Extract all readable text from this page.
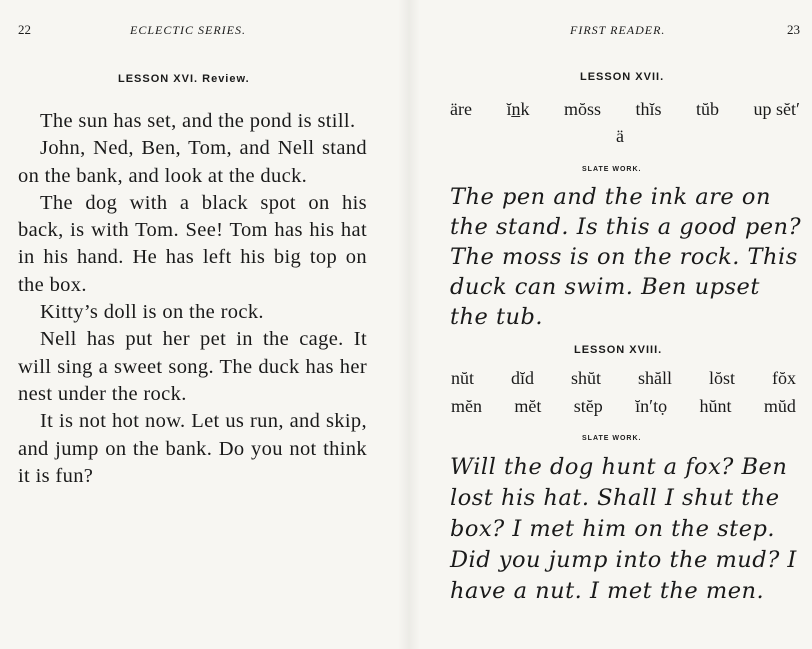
22	ECLECTIC SERIES.
LESSON XVI. Review.

The sun has set, and the pond is still.

John, Ned, Ben, Tom, and Nell stand on the bank, and look at the duck.

The dog with a black spot on his back, is with Tom. See! Tom has his hat in his hand. He has left his big top on the box.

Kitty’s doll is on the rock.

Nell has put her pet in the cage. It will sing a sweet song. The duck has her nest under the rock.

It is not hot now. Let us run, and skip, and jump on the bank. Do you not think it is fun?

23
FIRST READER.
LESSON XVII.
äre ĭn̲k mŏss thĭs tŭb up sĕt′
ä
SLATE WORK.
The pen and the ink are on the stand. Is this a good pen? The moss is on the rock. This duck can swim. Ben upset the tub.
LESSON XVIII.
nŭt dĭd shŭt shăll lŏst fŏx
mĕn mĕt stĕp ĭn′tọ hŭnt mŭd
SLATE WORK.
Will the dog hunt a fox? Ben lost his hat. Shall I shut the box? I met him on the step. Did you jump into the mud? I have a nut. I met the men.
